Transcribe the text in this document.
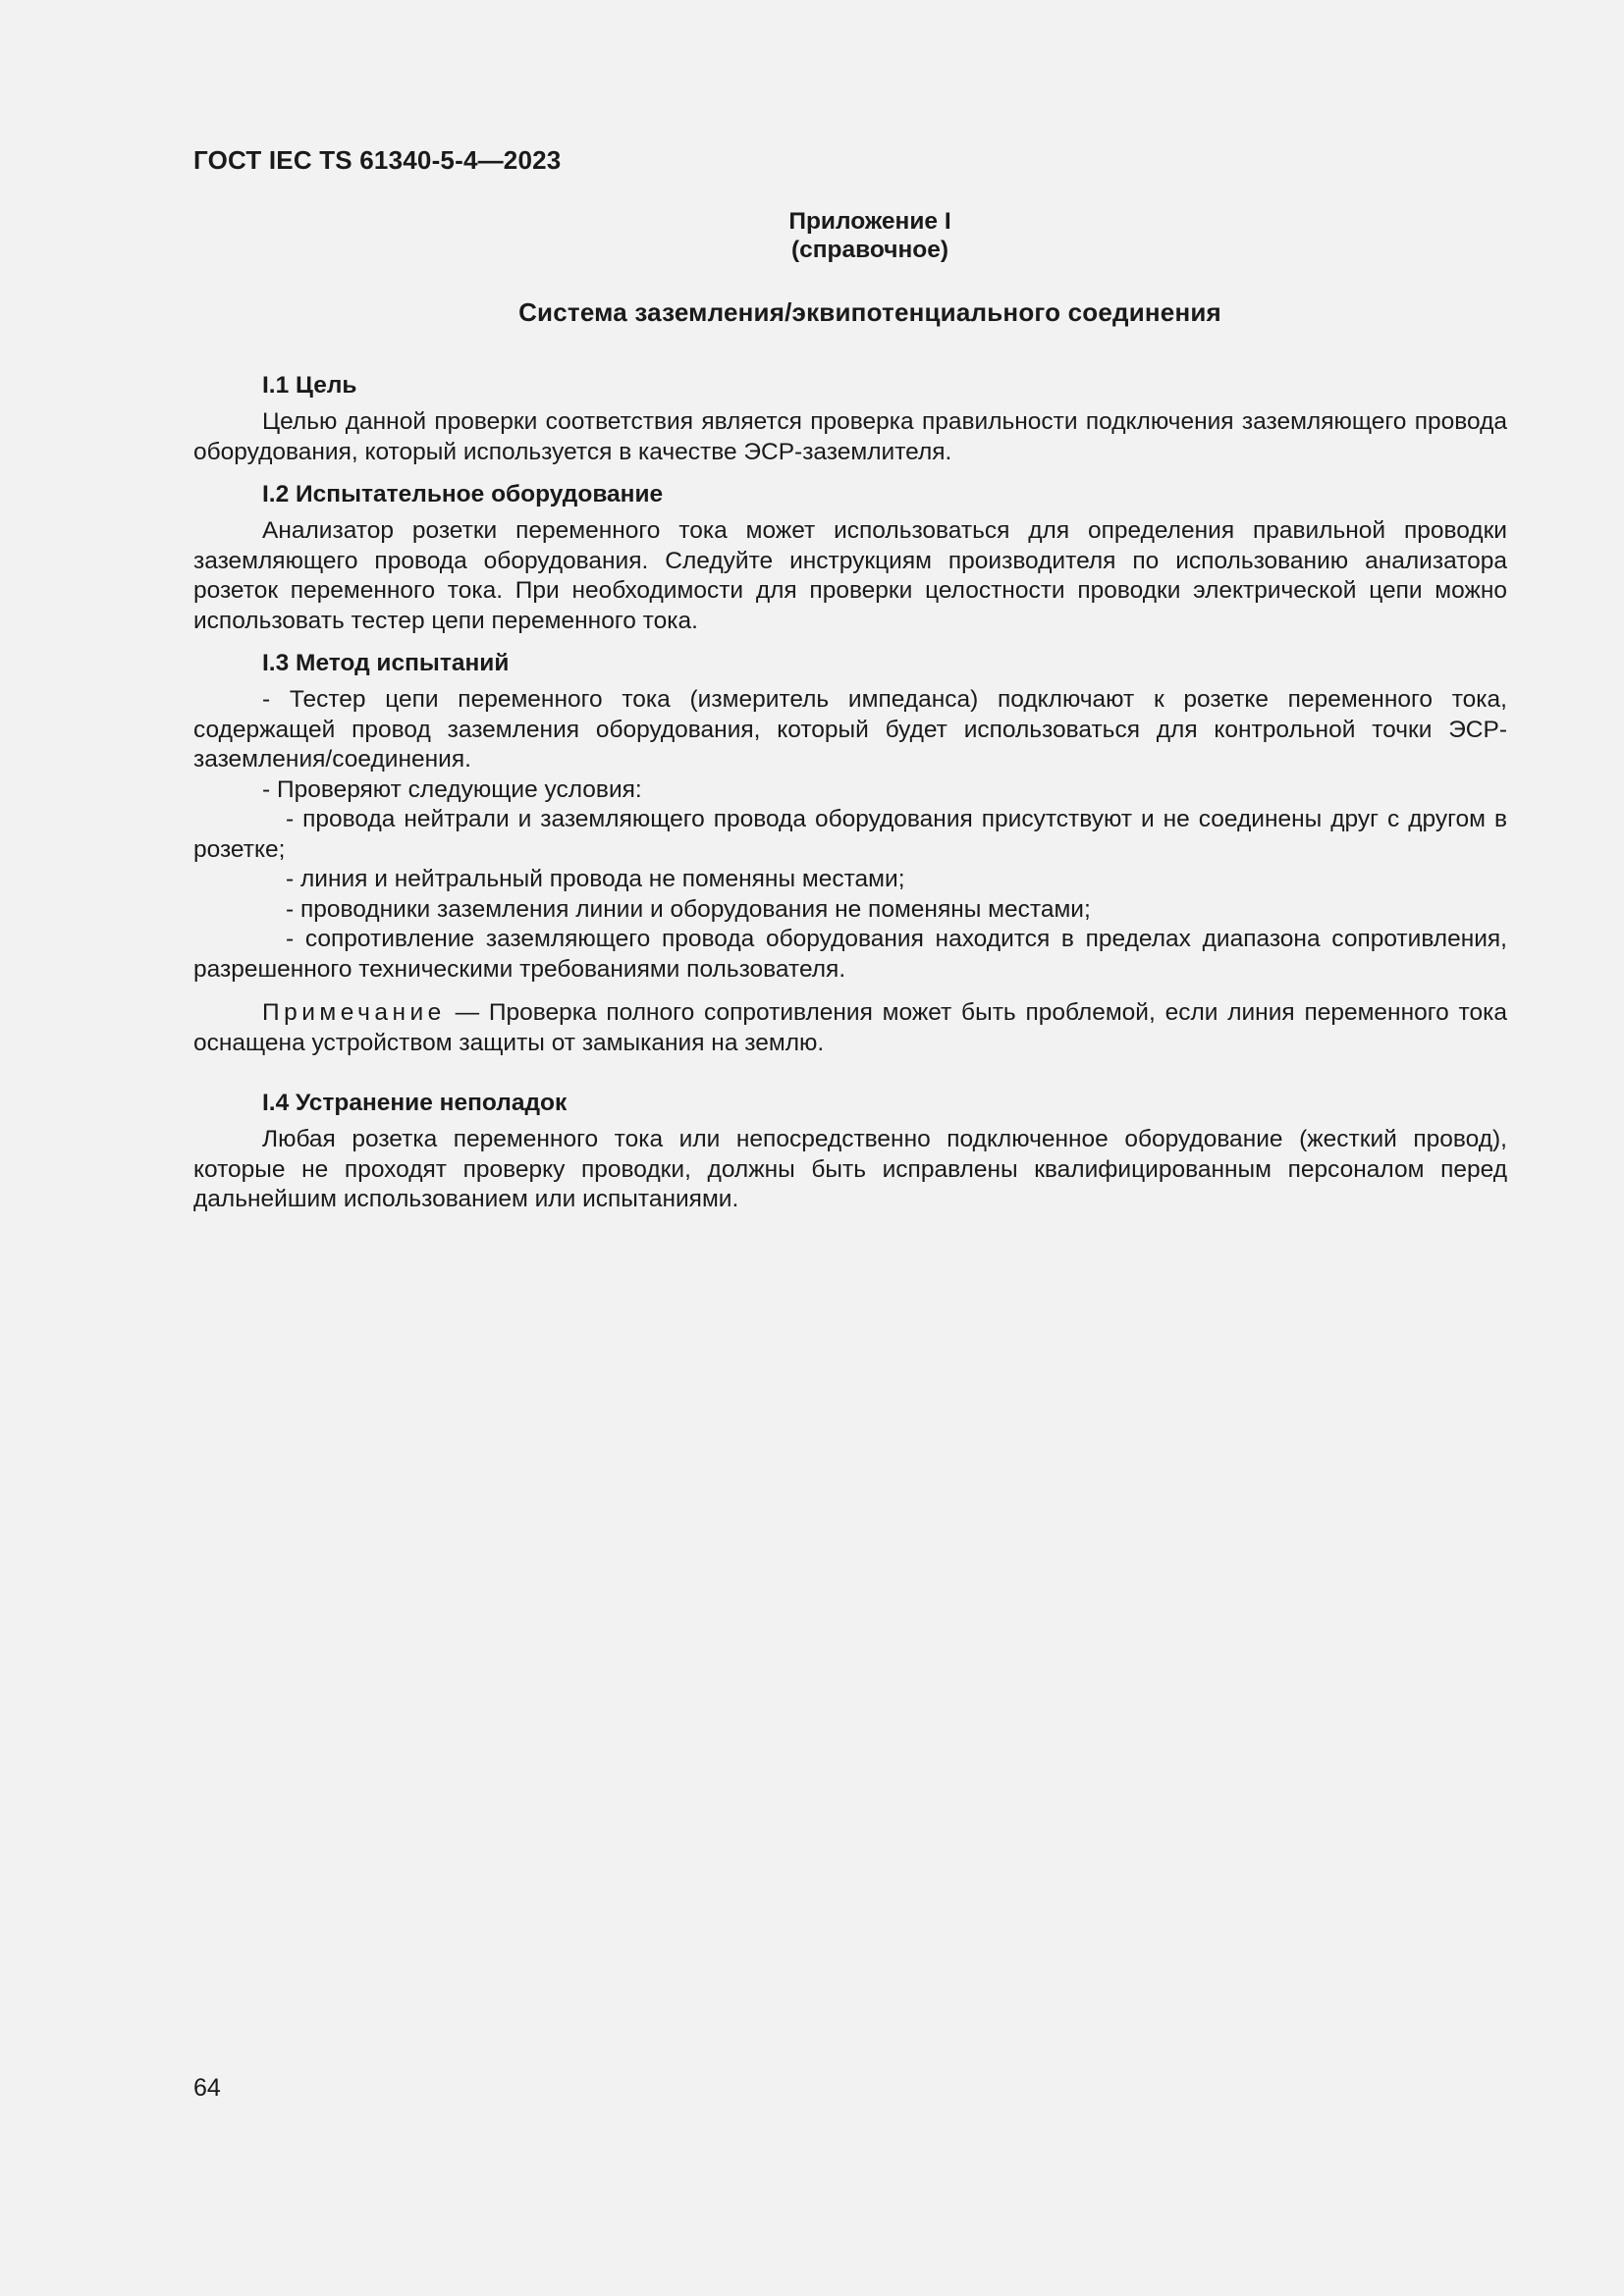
ГОСТ IEC TS 61340-5-4—2023
Приложение I
(справочное)
Система заземления/эквипотенциального соединения
I.1 Цель

Целью данной проверки соответствия является проверка правильности подключения заземляющего провода оборудования, который используется в качестве ЭСР-заземлителя.

I.2 Испытательное оборудование

Анализатор розетки переменного тока может использоваться для определения правильной проводки заземляющего провода оборудования. Следуйте инструкциям производителя по использованию анализатора розеток переменного тока. При необходимости для проверки целостности проводки электрической цепи можно использовать тестер цепи переменного тока.

I.3 Метод испытаний

- Тестер цепи переменного тока (измеритель импеданса) подключают к розетке переменного тока, содержащей провод заземления оборудования, который будет использоваться для контрольной точки ЭСР-заземления/соединения.

- Проверяют следующие условия:

- провода нейтрали и заземляющего провода оборудования присутствуют и не соединены друг с другом в розетке;

- линия и нейтральный провода не поменяны местами;

- проводники заземления линии и оборудования не поменяны местами;

- сопротивление заземляющего провода оборудования находится в пределах диапазона сопротивления, разрешенного техническими требованиями пользователя.

Примечание — Проверка полного сопротивления может быть проблемой, если линия переменного тока оснащена устройством защиты от замыкания на землю.

I.4 Устранение неполадок

Любая розетка переменного тока или непосредственно подключенное оборудование (жесткий провод), которые не проходят проверку проводки, должны быть исправлены квалифицированным персоналом перед дальнейшим использованием или испытаниями.

64
